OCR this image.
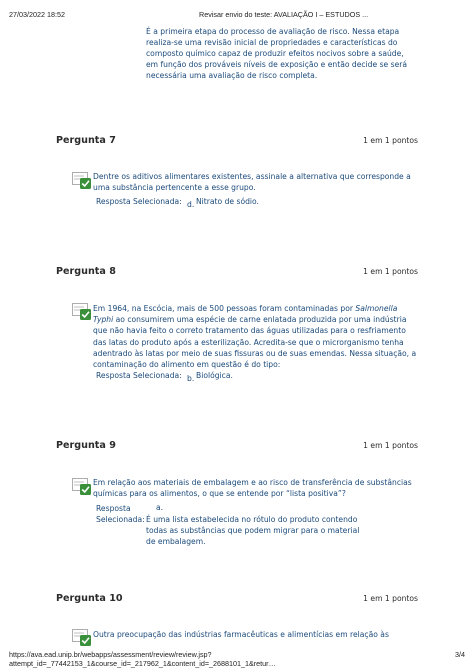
27/03/2022 18:52	Revisar envio do teste: AVALIAÇÃO I – ESTUDOS ...
É a primeira etapa do processo de avaliação de risco. Nessa etapa realiza-se uma revisão inicial de propriedades e características do composto químico capaz de produzir efeitos nocivos sobre a saúde, em função dos prováveis níveis de exposição e então decide se será necessária uma avaliação de risco completa.
Pergunta 7	1 em 1 pontos
Dentre os aditivos alimentares existentes, assinale a alternativa que corresponde a uma substância pertencente a esse grupo.
Resposta Selecionada: d. Nitrato de sódio.
Pergunta 8	1 em 1 pontos
Em 1964, na Escócia, mais de 500 pessoas foram contaminadas por Salmonella Typhi ao consumirem uma espécie de carne enlatada produzida por uma indústria que não havia feito o correto tratamento das águas utilizadas para o resfriamento das latas do produto após a esterilização. Acredita-se que o microrganismo tenha adentrado às latas por meio de suas fissuras ou de suas emendas. Nessa situação, a contaminação do alimento em questão é do tipo:
Resposta Selecionada: b. Biológica.
Pergunta 9	1 em 1 pontos
Em relação aos materiais de embalagem e ao risco de transferência de substâncias químicas para os alimentos, o que se entende por “lista positiva”?
Resposta
Selecionada:
a.
É uma lista estabelecida no rótulo do produto contendo todas as substâncias que podem migrar para o material de embalagem.
Pergunta 10	1 em 1 pontos
Outra preocupação das indústrias farmacêuticas e alimentícias em relação às
https://ava.ead.unip.br/webapps/assessment/review/review.jsp?attempt_id=_77442153_1&course_id=_217962_1&content_id=_2688101_1&retur…
3/4
